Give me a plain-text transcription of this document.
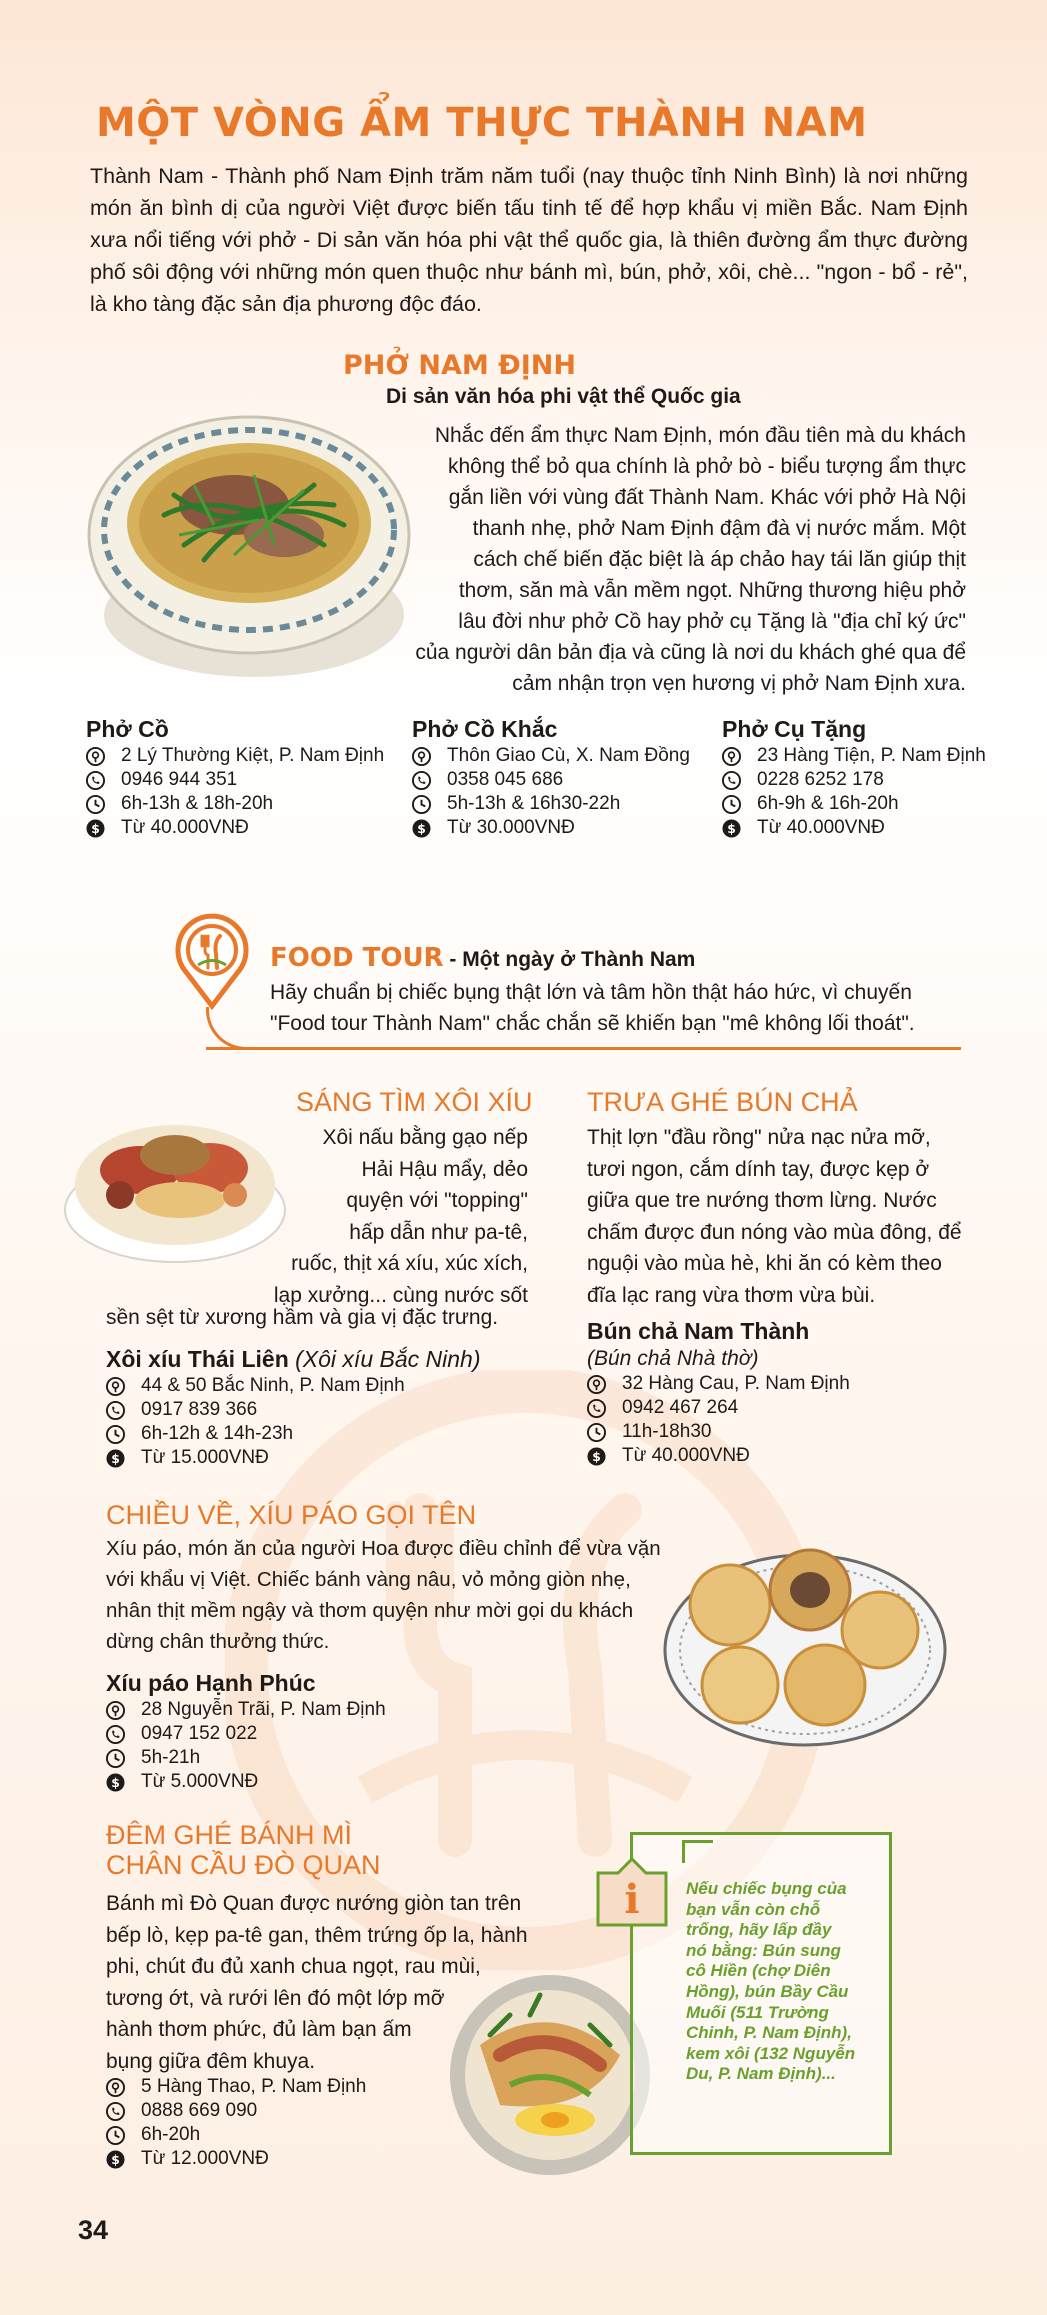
MỘT VÒNG ẨM THỰC THÀNH NAM
Thành Nam - Thành phố Nam Định trăm năm tuổi (nay thuộc tỉnh Ninh Bình) là nơi những món ăn bình dị của người Việt được biến tấu tinh tế để hợp khẩu vị miền Bắc. Nam Định xưa nổi tiếng với phở - Di sản văn hóa phi vật thể quốc gia, là thiên đường ẩm thực đường phố sôi động với những món quen thuộc như bánh mì, bún, phở, xôi, chè... "ngon - bổ - rẻ", là kho tàng đặc sản địa phương độc đáo.
PHỞ NAM ĐỊNH
Di sản văn hóa phi vật thể Quốc gia
Nhắc đến ẩm thực Nam Định, món đầu tiên mà du khách
không thể bỏ qua chính là phở bò - biểu tượng ẩm thực
gắn liền với vùng đất Thành Nam. Khác với phở Hà Nội
thanh nhẹ, phở Nam Định đậm đà vị nước mắm. Một
cách chế biến đặc biệt là áp chảo hay tái lăn giúp thịt
thơm, săn mà vẫn mềm ngọt. Những thương hiệu phở
lâu đời như phở Cồ hay phở cụ Tặng là "địa chỉ ký ức"
của người dân bản địa và cũng là nơi du khách ghé qua để
cảm nhận trọn vẹn hương vị phở Nam Định xưa.
Phở Cồ
2 Lý Thường Kiệt, P. Nam Định
0946 944 351
6h-13h & 18h-20h
Từ 40.000VNĐ
Phở Cồ Khắc
Thôn Giao Cù, X. Nam Đồng
0358 045 686
5h-13h & 16h30-22h
Từ 30.000VNĐ
Phở Cụ Tặng
23 Hàng Tiện, P. Nam Định
0228 6252 178
6h-9h & 16h-20h
Từ 40.000VNĐ
FOOD TOUR - Một ngày ở Thành Nam
Hãy chuẩn bị chiếc bụng thật lớn và tâm hồn thật háo hức, vì chuyến
"Food tour Thành Nam" chắc chắn sẽ khiến bạn "mê không lối thoát".
SÁNG TÌM XÔI XÍU
Xôi nấu bằng gạo nếp
Hải Hậu mẩy, dẻo
quyện với "topping"
hấp dẫn như pa-tê,
ruốc, thịt xá xíu, xúc xích,
lạp xưởng... cùng nước sốt
sền sệt từ xương hầm và gia vị đặc trưng.
Xôi xíu Thái Liên (Xôi xíu Bắc Ninh)
44 & 50 Bắc Ninh, P. Nam Định
0917 839 366
6h-12h & 14h-23h
Từ 15.000VNĐ
TRƯA GHÉ BÚN CHẢ
Thịt lợn "đầu rồng" nửa nạc nửa mỡ,
tươi ngon, cắm dính tay, được kẹp ở
giữa que tre nướng thơm lừng. Nước
chấm được đun nóng vào mùa đông, để
nguội vào mùa hè, khi ăn có kèm theo
đĩa lạc rang vừa thơm vừa bùi.
Bún chả Nam Thành
(Bún chả Nhà thờ)
32 Hàng Cau, P. Nam Định
0942 467 264
11h-18h30
Từ 40.000VNĐ
CHIỀU VỀ, XÍU PÁO GỌI TÊN
Xíu páo, món ăn của người Hoa được điều chỉnh để vừa vặn
với khẩu vị Việt. Chiếc bánh vàng nâu, vỏ mỏng giòn nhẹ,
nhân thịt mềm ngậy và thơm quyện như mời gọi du khách
dừng chân thưởng thức.
Xíu páo Hạnh Phúc
28 Nguyễn Trãi, P. Nam Định
0947 152 022
5h-21h
Từ 5.000VNĐ
ĐÊM GHÉ BÁNH MÌ
CHÂN CẦU ĐÒ QUAN
Bánh mì Đò Quan được nướng giòn tan trên
bếp lò, kẹp pa-tê gan, thêm trứng ốp la, hành
phi, chút đu đủ xanh chua ngọt, rau mùi,
tương ớt, và rưới lên đó một lớp mỡ
hành thơm phức, đủ làm bạn ấm
bụng giữa đêm khuya.
5 Hàng Thao, P. Nam Định
0888 669 090
6h-20h
Từ 12.000VNĐ
i	Nếu chiếc bụng của
bạn vẫn còn chỗ
trống, hãy lấp đầy
nó bằng: Bún sung
cô Hiền (chợ Diên
Hồng), bún Bầy Cầu
Muối (511 Trường
Chinh, P. Nam Định),
kem xôi (132 Nguyễn
Du, P. Nam Định)...
34
